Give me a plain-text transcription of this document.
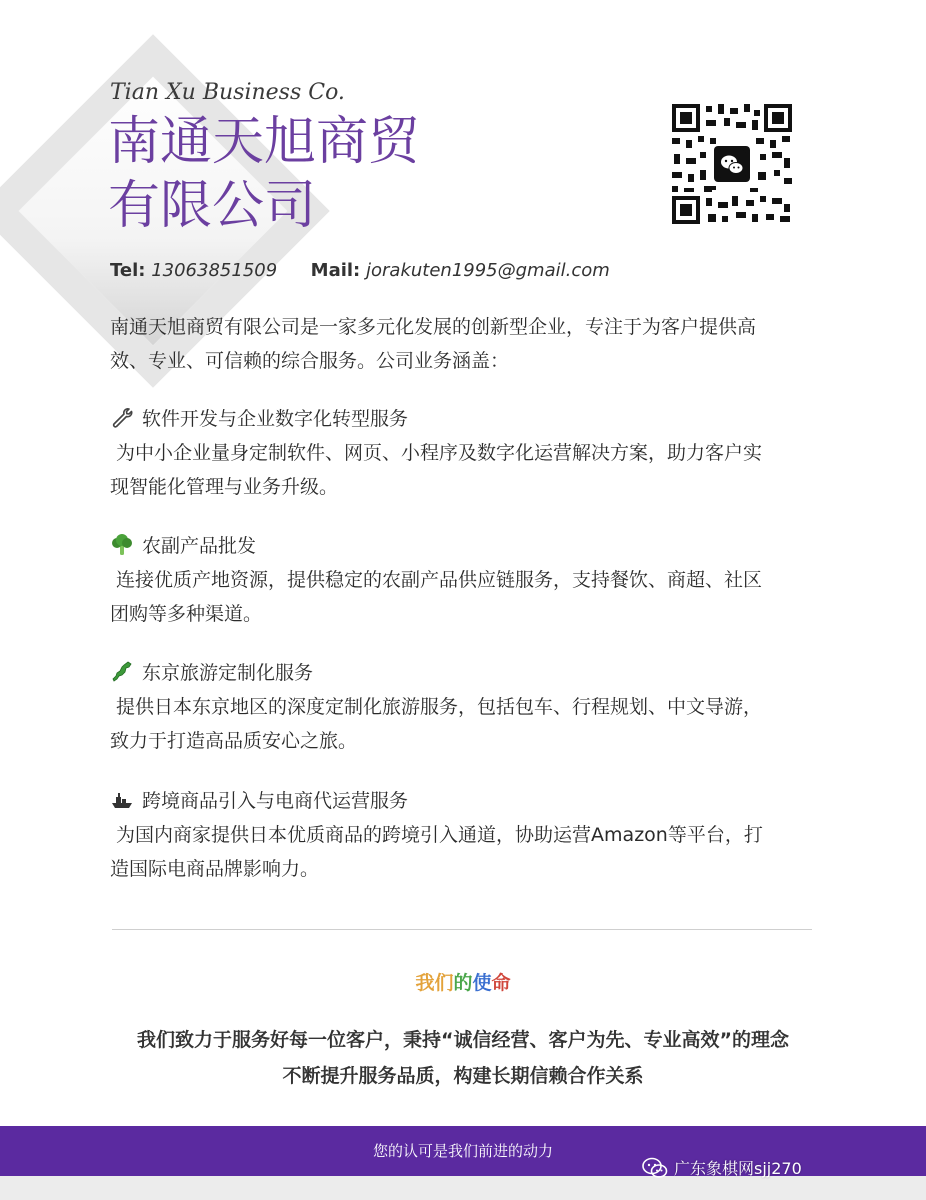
Tian Xu Business Co.
南通天旭商贸
有限公司
Tel: 13063851509 Mail: jorakuten1995@gmail.com
南通天旭商贸有限公司是一家多元化发展的创新型企业，专注于为客户提供高
效、专业、可信赖的综合服务。公司业务涵盖：
软件开发与企业数字化转型服务
为中小企业量身定制软件、网页、小程序及数字化运营解决方案，助力客户实
现智能化管理与业务升级。
农副产品批发
连接优质产地资源，提供稳定的农副产品供应链服务，支持餐饮、商超、社区
团购等多种渠道。
东京旅游定制化服务
提供日本东京地区的深度定制化旅游服务，包括包车、行程规划、中文导游，
致力于打造高品质安心之旅。
跨境商品引入与电商代运营服务
为国内商家提供日本优质商品的跨境引入通道，协助运营Amazon等平台，打
造国际电商品牌影响力。
我们的使命
我们致力于服务好每一位客户，秉持“诚信经营、客户为先、专业高效”的理念
不断提升服务品质，构建长期信赖合作关系
您的认可是我们前进的动力
广东象棋网sjj270
